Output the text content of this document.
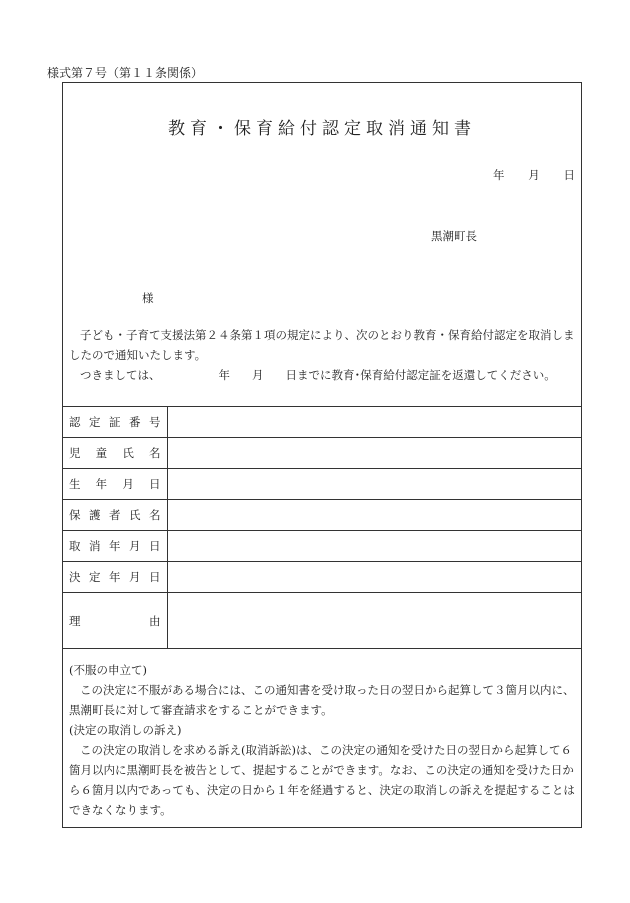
様式第７号（第１１条関係）
教育・保育給付認定取消通知書
年 月 日
黒潮町長
様

子ども・子育て支援法第２４条第１項の規定により、次のとおり教育・保育給付認定を取消しましたので通知いたします。

つきましては、	年 月 日までに教育･保育給付認定証を返還してください。

認 定 証 番 号	

児 童 氏 名	

生 年 月 日	

保 護 者 氏 名	

取 消 年 月 日	

決 定 年 月 日	

理 由	

(不服の申立て)

この決定に不服がある場合には、この通知書を受け取った日の翌日から起算して３箇月以内に、黒潮町長に対して審査請求をすることができます。

(決定の取消しの訴え)

この決定の取消しを求める訴え(取消訴訟)は、この決定の通知を受けた日の翌日から起算して６箇月以内に黒潮町長を被告として、提起することができます。なお、この決定の通知を受けた日から６箇月以内であっても、決定の日から１年を経過すると、決定の取消しの訴えを提起することはできなくなります。
